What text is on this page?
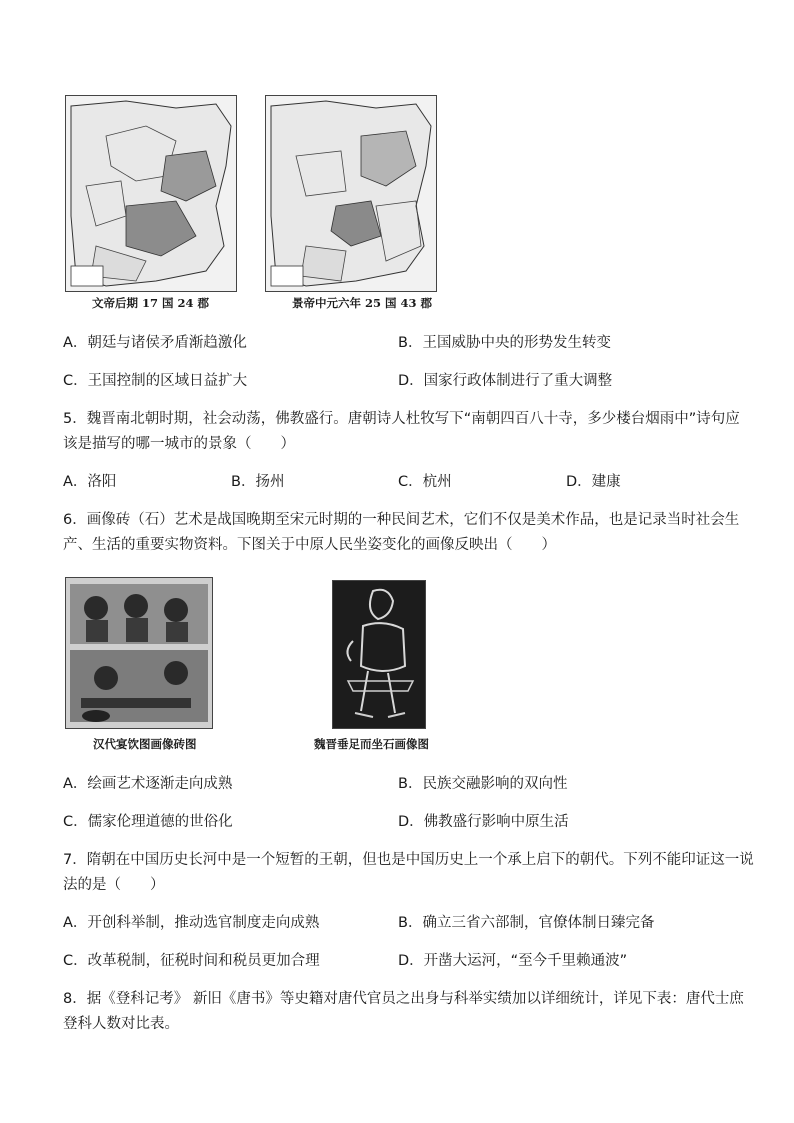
文帝后期 17 国 24 郡	景帝中元六年 25 国 43 郡
A．朝廷与诸侯矛盾渐趋激化	B．王国威胁中央的形势发生转变
C．王国控制的区域日益扩大	D．国家行政体制进行了重大调整
5．魏晋南北朝时期，社会动荡，佛教盛行。唐朝诗人杜牧写下“南朝四百八十寺，多少楼台烟雨中”诗句应
该是描写的哪一城市的景象（　　）
A．洛阳	B．扬州	C．杭州	D．建康
6．画像砖（石）艺术是战国晚期至宋元时期的一种民间艺术，它们不仅是美术作品，也是记录当时社会生
产、生活的重要实物资料。下图关于中原人民坐姿变化的画像反映出（　　）
汉代宴饮图画像砖图	魏晋垂足而坐石画像图
A．绘画艺术逐渐走向成熟	B．民族交融影响的双向性
C．儒家伦理道德的世俗化	D．佛教盛行影响中原生活
7．隋朝在中国历史长河中是一个短暂的王朝，但也是中国历史上一个承上启下的朝代。下列不能印证这一说
法的是（　　）
A．开创科举制，推动选官制度走向成熟	B．确立三省六部制，官僚体制日臻完备
C．改革税制，征税时间和税员更加合理	D．开凿大运河，“至今千里赖通波”
8．据《登科记考》 新旧《唐书》等史籍对唐代官员之出身与科举实绩加以详细统计，详见下表：唐代士庶
登科人数对比表。
